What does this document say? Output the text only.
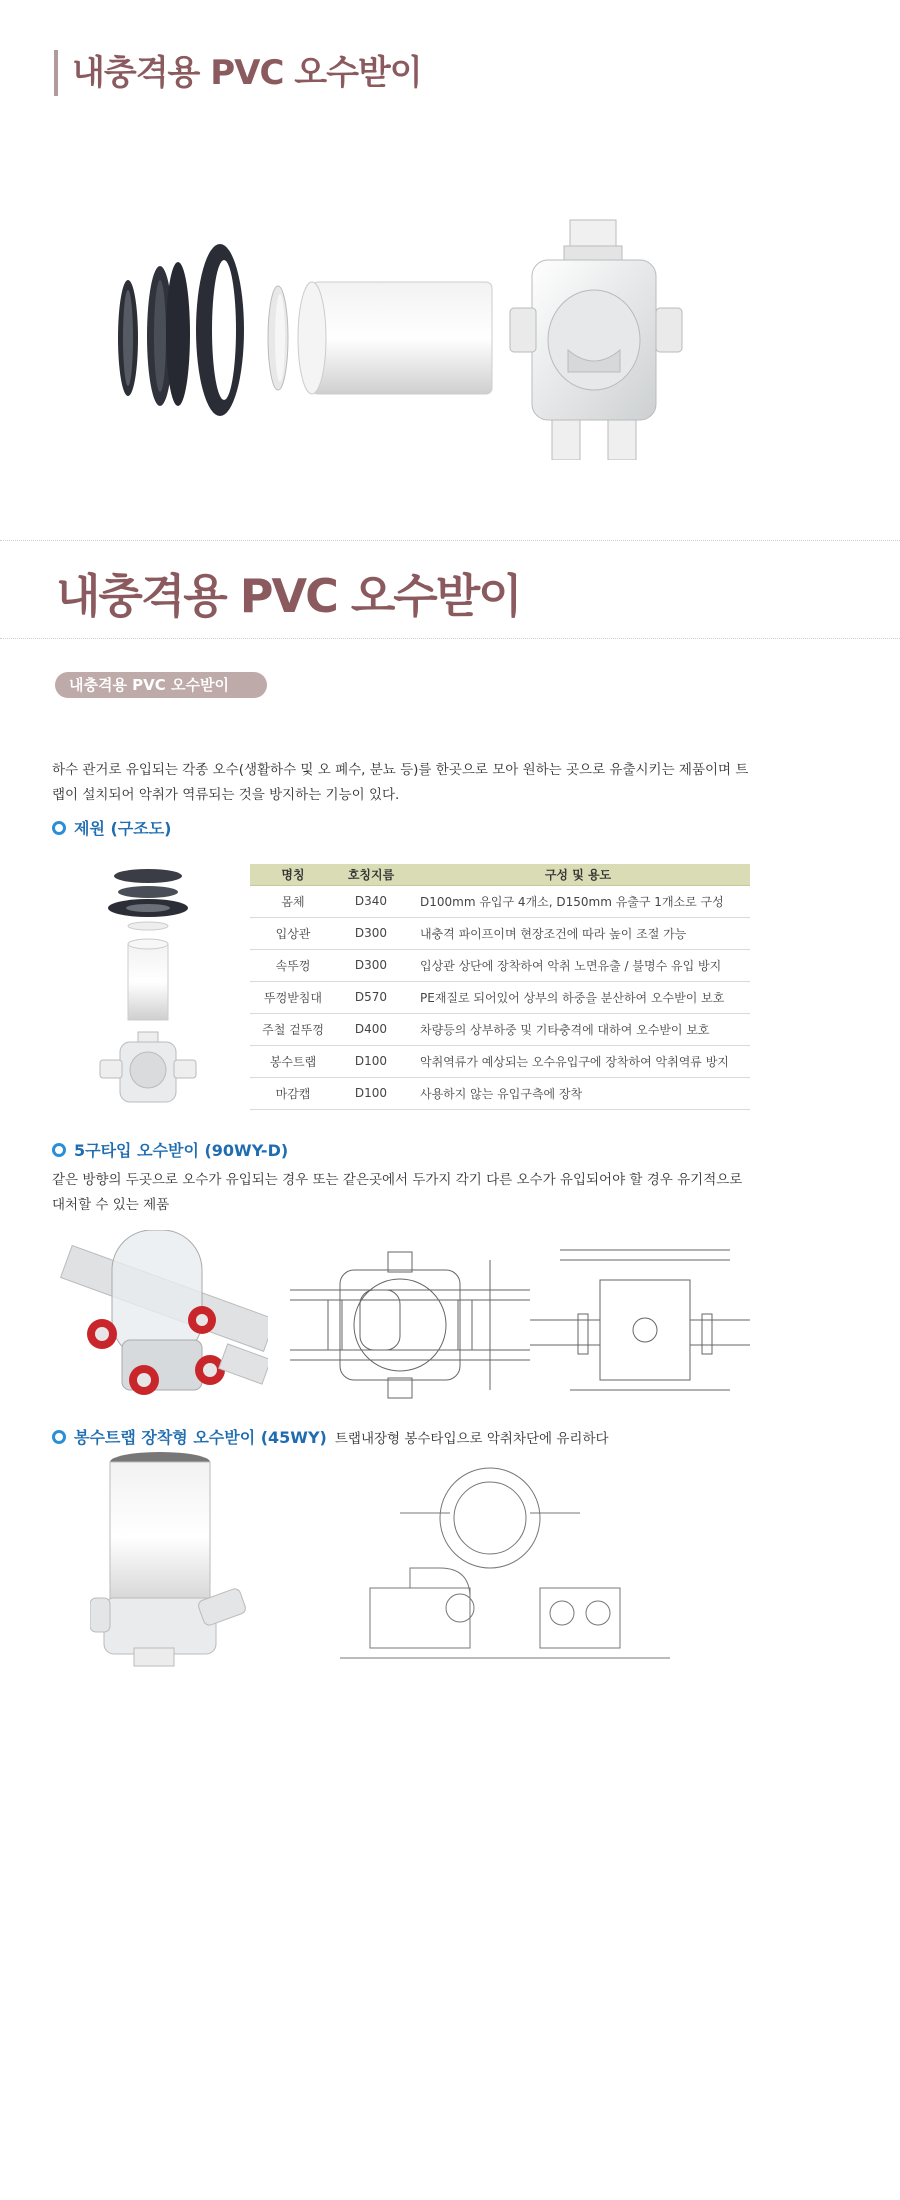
내충격용 PVC 오수받이
내충격용 PVC 오수받이
내충격용 PVC 오수받이
하수 관거로 유입되는 각종 오수(생활하수 및 오 폐수, 분뇨 등)를 한곳으로 모아 원하는 곳으로 유출시키는 제품이며 트랩이 설치되어 악취가 역류되는 것을 방지하는 기능이 있다.
제원 (구조도)
명칭	호칭지름	구성 및 용도
몸체	D340	D100mm 유입구 4개소, D150mm 유출구 1개소로 구성
입상관	D300	내충격 파이프이며 현장조건에 따라 높이 조절 가능
속뚜껑	D300	입상관 상단에 장착하여 악취 노면유출 / 불명수 유입 방지
뚜껑받침대	D570	PE재질로 되어있어 상부의 하중을 분산하여 오수받이 보호
주철 겉뚜껑	D400	차량등의 상부하중 및 기타충격에 대하여 오수받이 보호
봉수트랩	D100	악취역류가 예상되는 오수유입구에 장착하여 악취역류 방지
마감캡	D100	사용하지 않는 유입구측에 장착
5구타입 오수받이 (90WY-D)
같은 방향의 두곳으로 오수가 유입되는 경우 또는 같은곳에서 두가지 각기 다른 오수가 유입되어야 할 경우 유기적으로 대처할 수 있는 제품
봉수트랩 장착형 오수받이 (45WY) 트랩내장형 봉수타입으로 악취차단에 유리하다
